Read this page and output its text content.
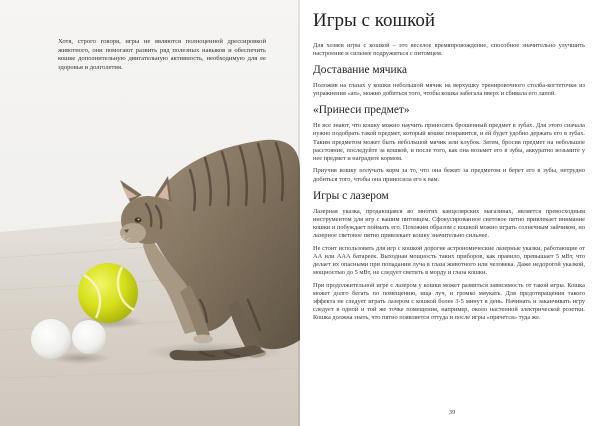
Хотя, строго говоря, игры не являются полноценной дрессировкой животного, они помогают развить ряд полезных навыков и обеспечить кошке дополнительную двигательную активность, необходимую для ее здоровья и долголетия.
Игры с кошкой

Для хозяев игры с кошкой – это веселое времяпровождение, способное значительно улучшить настроение и сильнее подружиться с питомцем.

Доставание мячика

Положив на глазах у кошки небольшой мячик на верхушку тренировочного столба-когтеточки из упражнения «ап», можно добиться того, чтобы кошка забегала вверх и сбивала его лапой.

«Принеси предмет»

Не все знают, что кошку можно научить приносить брошенный предмет в зубах. Для этого сначала нужно подобрать такой предмет, который кошке понравится, и ей будет удобно держать его в зубах. Таким предметом может быть небольшой мячик или клубок. Затем, бросив предмет на небольшое расстояние, последуйте за кошкой, и после того, как она возьмет его в зубы, аккуратно возьмите у нее предмет и наградите кормом.

Приучив кошку получать корм за то, что она бежит за предметом и берет его в зубы, нетрудно добиться того, чтобы она приносила его к вам.

Игры с лазером

Лазерная указка, продающаяся во многих канцелярских магазинах, является превосходным инструментом для игр с вашим питомцем. Сфокусированное световое пятно привлекает внимание кошки и побуждает поймать его. Похожим образом с кошкой можно играть солнечным зайчиком, но лазерное световое пятно привлекает кошку значительно сильнее.

Не стоит использовать для игр с кошкой дорогие астрономические лазерные указки, работающие от АА или ААА батареек. Выходная мощность таких приборов, как правило, превышает 5 мВт, что делает их опасными при попадании луча в глаза животного или человека. Даже недорогой указкой, мощностью до 5 мВт, не следует светить в морду и глаза кошки.

При продолжительной игре с лазером у кошки может развиться зависимость от такой игры. Кошка может долго бегать по помещению, ища луч, и громко мяукать. Для предотвращения такого эффекта не следует играть лазером с кошкой более 3-5 минут в день. Начинать и заканчивать игру следует в одной и той же точке помещения, например, около настенной электрической розетки. Кошка должна знать, что пятно появляется оттуда и после игры «прячется» туда же.

39
